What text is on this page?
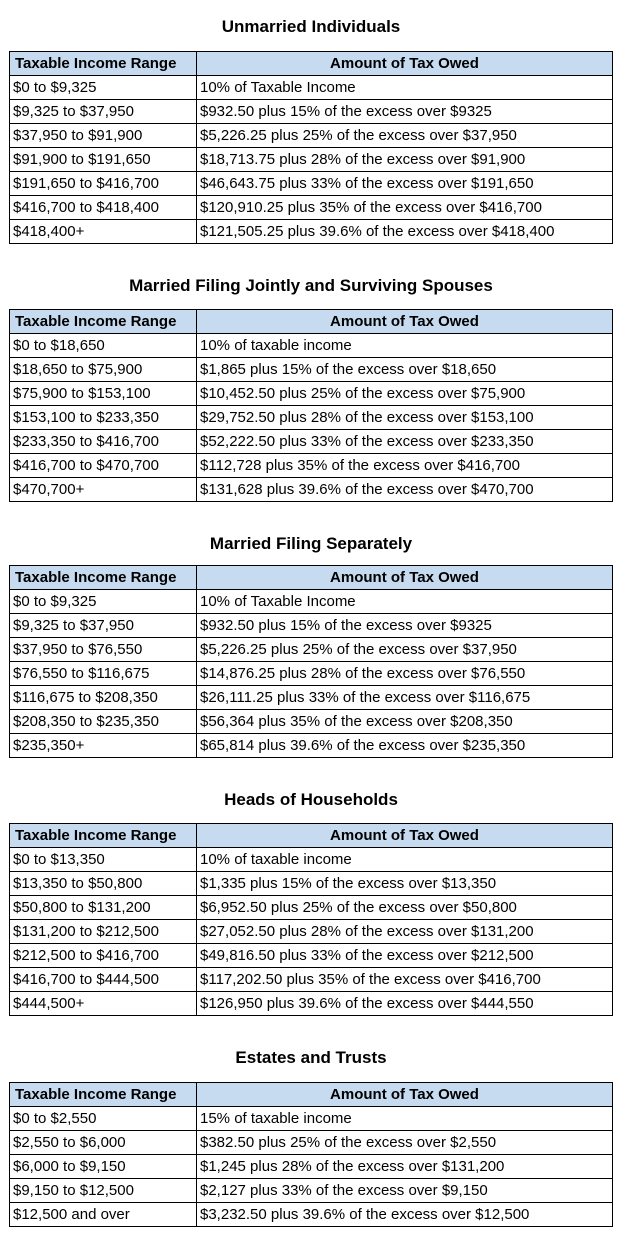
Unmarried Individuals
Taxable Income Range	Amount of Tax Owed
$0 to $9,325	10% of Taxable Income
$9,325 to $37,950	$932.50 plus 15% of the excess over $9325
$37,950 to $91,900	$5,226.25 plus 25% of the excess over $37,950
$91,900 to $191,650	$18,713.75 plus 28% of the excess over $91,900
$191,650 to $416,700	$46,643.75 plus 33% of the excess over $191,650
$416,700 to $418,400	$120,910.25 plus 35% of the excess over $416,700
$418,400+	$121,505.25 plus 39.6% of the excess over $418,400
Married Filing Jointly and Surviving Spouses
Taxable Income Range	Amount of Tax Owed
$0 to $18,650	10% of taxable income
$18,650 to $75,900	$1,865 plus 15% of the excess over $18,650
$75,900 to $153,100	$10,452.50 plus 25% of the excess over $75,900
$153,100 to $233,350	$29,752.50 plus 28% of the excess over $153,100
$233,350 to $416,700	$52,222.50 plus 33% of the excess over $233,350
$416,700 to $470,700	$112,728 plus 35% of the excess over $416,700
$470,700+	$131,628 plus 39.6% of the excess over $470,700
Married Filing Separately
Taxable Income Range	Amount of Tax Owed
$0 to $9,325	10% of Taxable Income
$9,325 to $37,950	$932.50 plus 15% of the excess over $9325
$37,950 to $76,550	$5,226.25 plus 25% of the excess over $37,950
$76,550 to $116,675	$14,876.25 plus 28% of the excess over $76,550
$116,675 to $208,350	$26,111.25 plus 33% of the excess over $116,675
$208,350 to $235,350	$56,364 plus 35% of the excess over $208,350
$235,350+	$65,814 plus 39.6% of the excess over $235,350
Heads of Households
Taxable Income Range	Amount of Tax Owed
$0 to $13,350	10% of taxable income
$13,350 to $50,800	$1,335 plus 15% of the excess over $13,350
$50,800 to $131,200	$6,952.50 plus 25% of the excess over $50,800
$131,200 to $212,500	$27,052.50 plus 28% of the excess over $131,200
$212,500 to $416,700	$49,816.50 plus 33% of the excess over $212,500
$416,700 to $444,500	$117,202.50 plus 35% of the excess over $416,700
$444,500+	$126,950 plus 39.6% of the excess over $444,550
Estates and Trusts
Taxable Income Range	Amount of Tax Owed
$0 to $2,550	15% of taxable income
$2,550 to $6,000	$382.50 plus 25% of the excess over $2,550
$6,000 to $9,150	$1,245 plus 28% of the excess over $131,200
$9,150 to $12,500	$2,127 plus 33% of the excess over $9,150
$12,500 and over	$3,232.50 plus 39.6% of the excess over $12,500
